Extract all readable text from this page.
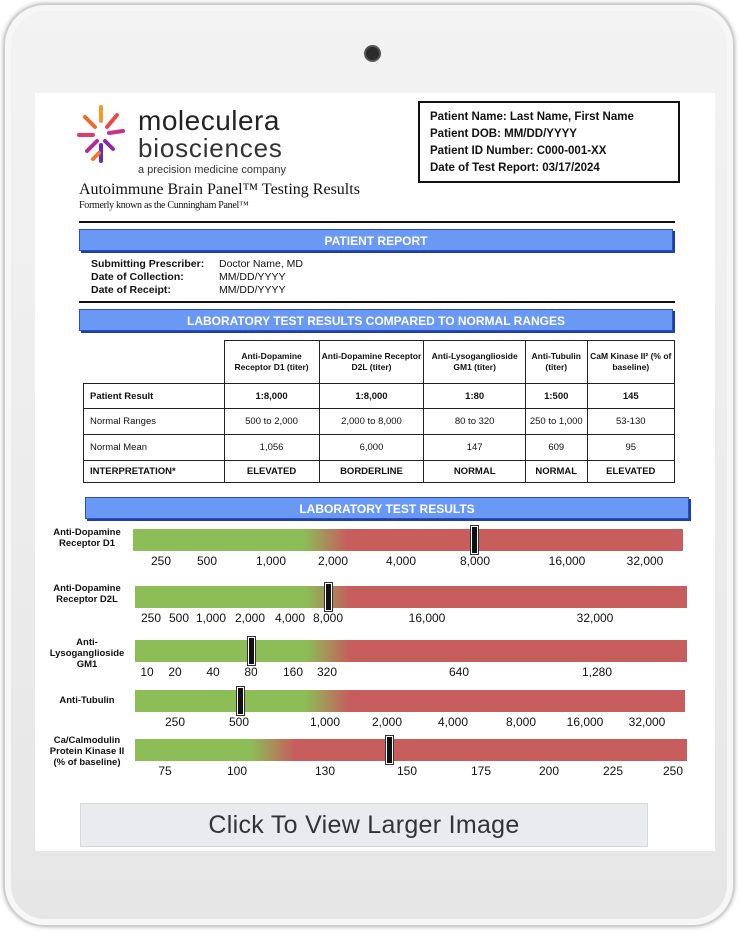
moleculera
biosciences
a precision medicine company
Autoimmune Brain Panel™ Testing Results
Formerly known as the Cunningham Panel™
Patient Name: Last Name, First Name
Patient DOB: MM/DD/YYYY
Patient ID Number: C000-001-XX
Date of Test Report: 03/17/2024
PATIENT REPORT
Submitting Prescriber:	Doctor Name, MD
Date of Collection:	MM/DD/YYYY
Date of Receipt:	MM/DD/YYYY
LABORATORY TEST RESULTS COMPARED TO NORMAL RANGES
	Anti-Dopamine Receptor D1 (titer)	Anti-Dopamine Receptor D2L (titer)	Anti-Lysoganglioside GM1 (titer)	Anti-Tubulin (titer)	CaM Kinase II² (% of baseline)
Patient Result	1:8,000	1:8,000	1:80	1:500	145
Normal Ranges	500 to 2,000	2,000 to 8,000	80 to 320	250 to 1,000	53-130
Normal Mean	1,056	6,000	147	609	95
INTERPRETATION*	ELEVATED	BORDERLINE	NORMAL	NORMAL	ELEVATED
LABORATORY TEST RESULTS
Anti-Dopamine Receptor D1
250 500	1,000	2,000	4,000	8,000	16,000	32,000
Anti-Dopamine Receptor D2L
250 500 1,000 2,000 4,000 8,000	16,000	32,000
Anti-Lysoganglioside GM1
10 20 40 80 160 320	640	1,280
Anti-Tubulin
250	500	1,000	2,000	4,000	8,000	16,000 32,000
Ca/Calmodulin Protein Kinase II (% of baseline)
75	100	130	150	175	200	225	250
Click To View Larger Image
